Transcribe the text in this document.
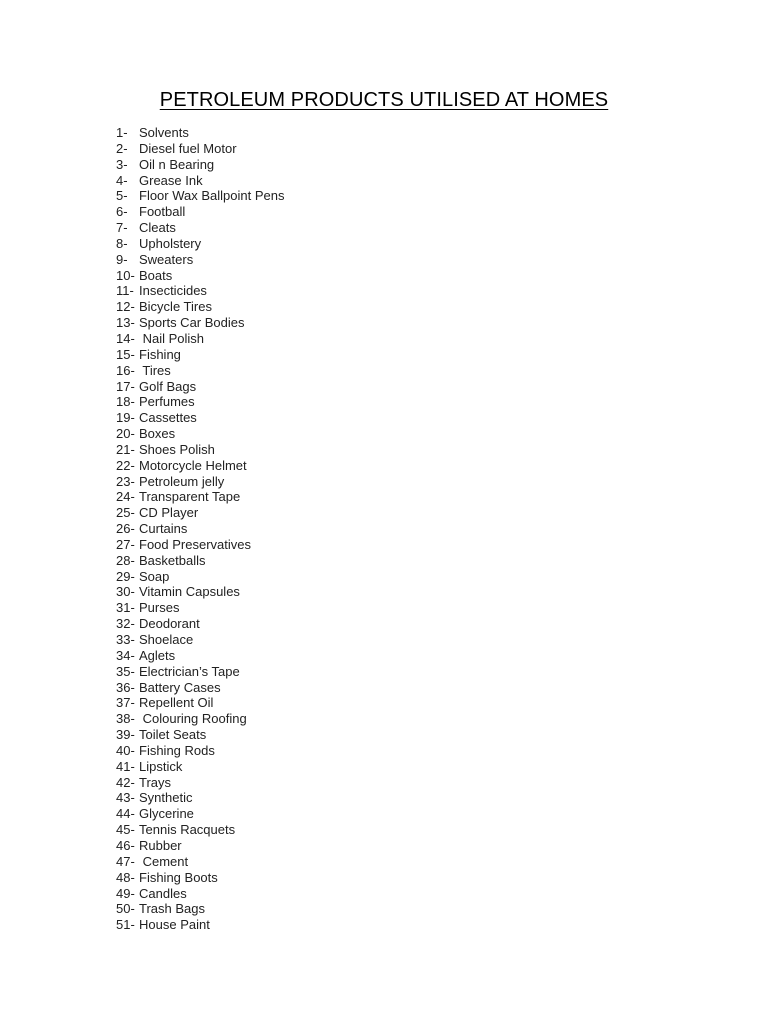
PETROLEUM PRODUCTS UTILISED AT HOMES
1- Solvents
2- Diesel fuel Motor
3- Oil n Bearing
4- Grease Ink
5- Floor Wax Ballpoint Pens
6- Football
7- Cleats
8- Upholstery
9- Sweaters
10- Boats
11- Insecticides
12- Bicycle Tires
13- Sports Car Bodies
14- Nail Polish
15- Fishing
16- Tires
17- Golf Bags
18- Perfumes
19- Cassettes
20- Boxes
21- Shoes Polish
22- Motorcycle Helmet
23- Petroleum jelly
24- Transparent Tape
25- CD Player
26- Curtains
27- Food Preservatives
28- Basketballs
29- Soap
30- Vitamin Capsules
31- Purses
32- Deodorant
33- Shoelace
34- Aglets
35- Electrician’s Tape
36- Battery Cases
37- Repellent Oil
38- Colouring Roofing
39- Toilet Seats
40- Fishing Rods
41- Lipstick
42- Trays
43- Synthetic
44- Glycerine
45- Tennis Racquets
46- Rubber
47- Cement
48- Fishing Boots
49- Candles
50- Trash Bags
51- House Paint
